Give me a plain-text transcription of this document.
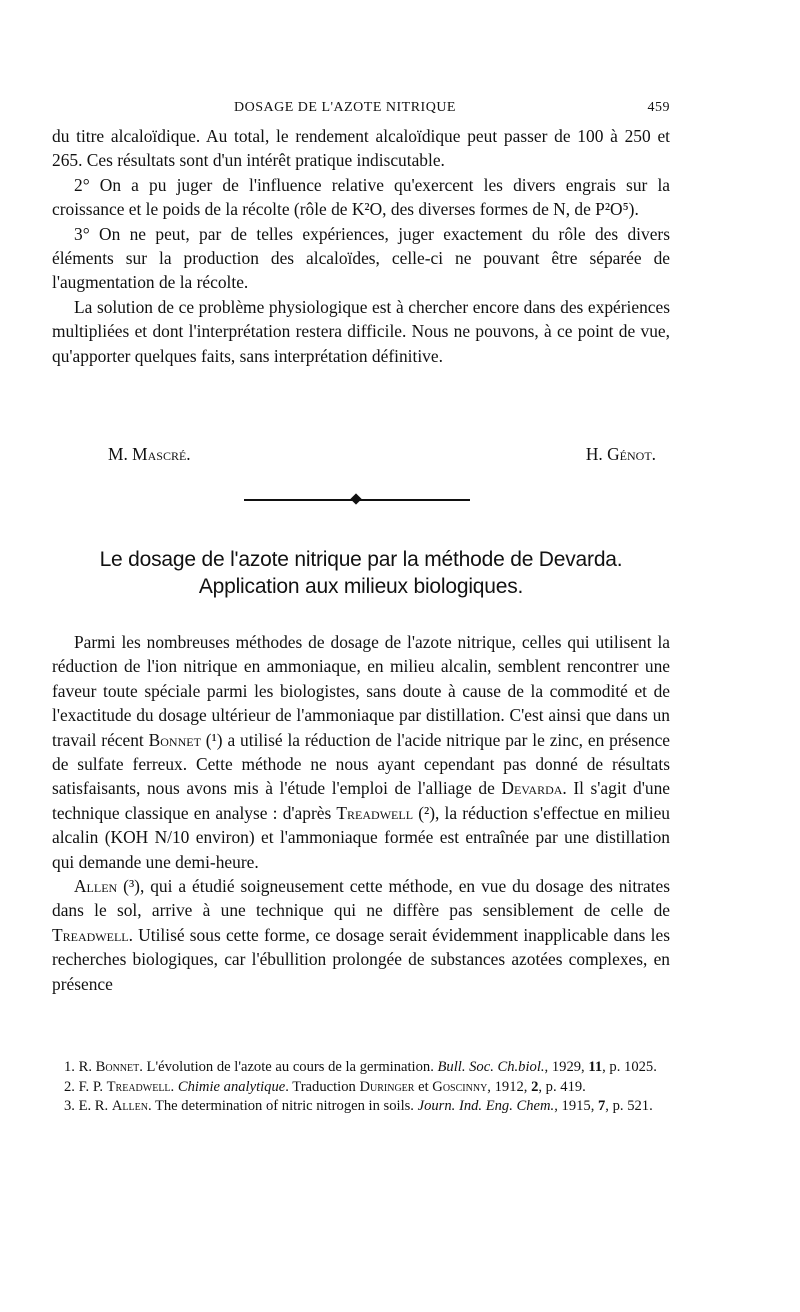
DOSAGE DE L'AZOTE NITRIQUE	459

du titre alcaloïdique. Au total, le rendement alcaloïdique peut passer de 100 à 250 et 265. Ces résultats sont d'un intérêt pratique indiscutable.

2° On a pu juger de l'influence relative qu'exercent les divers engrais sur la croissance et le poids de la récolte (rôle de K²O, des diverses formes de N, de P²O⁵).

3° On ne peut, par de telles expériences, juger exactement du rôle des divers éléments sur la production des alcaloïdes, celle-ci ne pouvant être séparée de l'augmentation de la récolte.

La solution de ce problème physiologique est à chercher encore dans des expériences multipliées et dont l'interprétation restera difficile. Nous ne pouvons, à ce point de vue, qu'apporter quelques faits, sans interprétation définitive.

M. Mascré.	H. Génot.
Le dosage de l'azote nitrique par la méthode de Devarda.
Application aux milieux biologiques.

Parmi les nombreuses méthodes de dosage de l'azote nitrique, celles qui utilisent la réduction de l'ion nitrique en ammoniaque, en milieu alcalin, semblent rencontrer une faveur toute spéciale parmi les biologistes, sans doute à cause de la commodité et de l'exactitude du dosage ultérieur de l'ammoniaque par distillation. C'est ainsi que dans un travail récent Bonnet (¹) a utilisé la réduction de l'acide nitrique par le zinc, en présence de sulfate ferreux. Cette méthode ne nous ayant cependant pas donné de résultats satisfaisants, nous avons mis à l'étude l'emploi de l'alliage de Devarda. Il s'agit d'une technique classique en analyse : d'après Treadwell (²), la réduction s'effectue en milieu alcalin (KOH N/10 environ) et l'ammoniaque formée est entraînée par une distillation qui demande une demi-heure.

Allen (³), qui a étudié soigneusement cette méthode, en vue du dosage des nitrates dans le sol, arrive à une technique qui ne diffère pas sensiblement de celle de Treadwell. Utilisé sous cette forme, ce dosage serait évidemment inapplicable dans les recherches biologiques, car l'ébullition prolongée de substances azotées complexes, en présence

1. R. Bonnet. L'évolution de l'azote au cours de la germination. Bull. Soc. Ch.biol., 1929, 11, p. 1025.

2. F. P. Treadwell. Chimie analytique. Traduction Duringer et Goscinny, 1912, 2, p. 419.

3. E. R. Allen. The determination of nitric nitrogen in soils. Journ. Ind. Eng. Chem., 1915, 7, p. 521.
